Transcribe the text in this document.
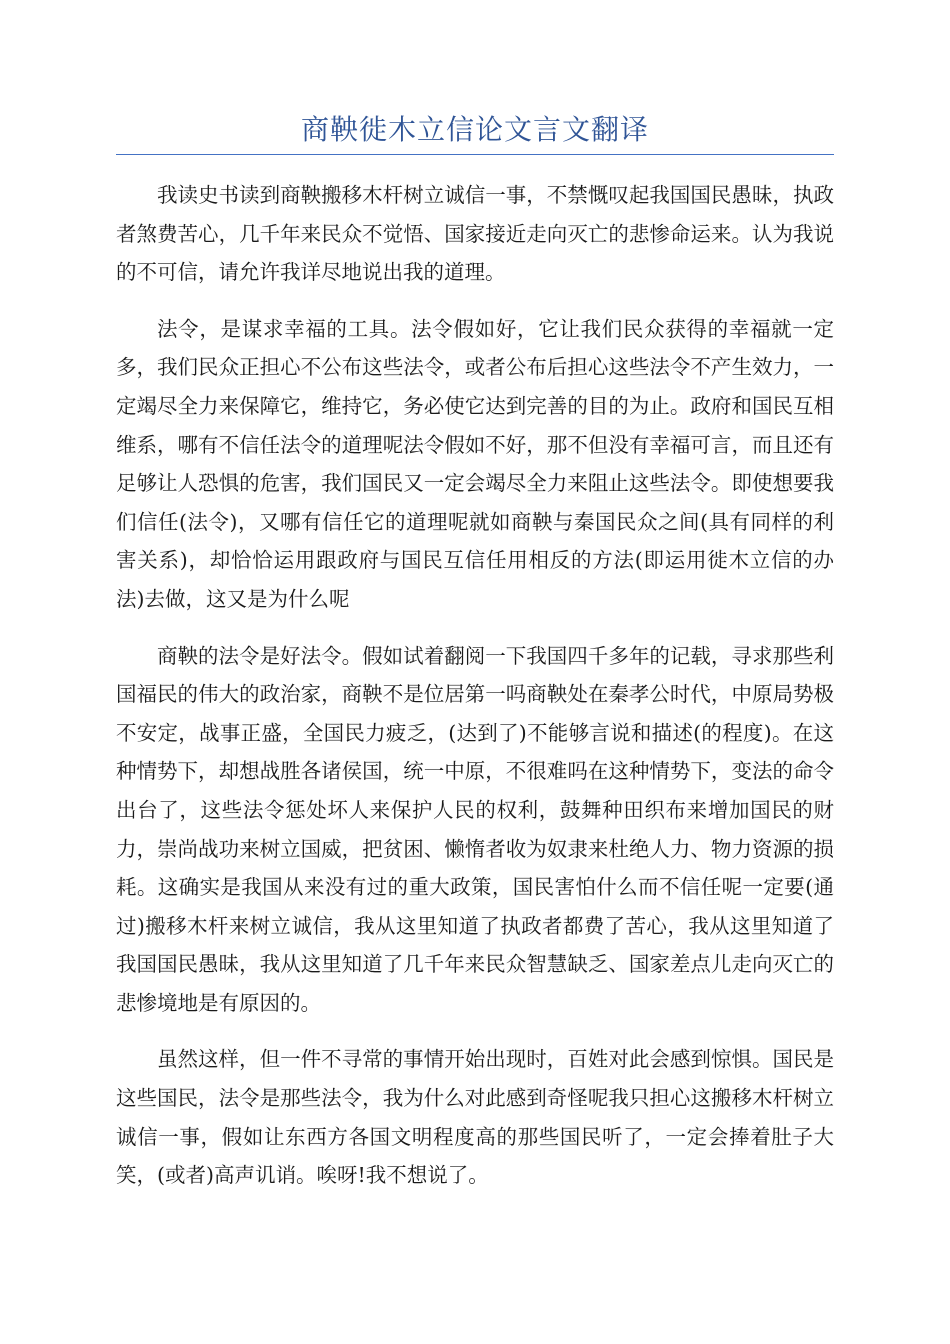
商鞅徙木立信论文言文翻译

我读史书读到商鞅搬移木杆树立诚信一事，不禁慨叹起我国国民愚昧，执政者煞费苦心，几千年来民众不觉悟、国家接近走向灭亡的悲惨命运来。认为我说的不可信，请允许我详尽地说出我的道理。

法令，是谋求幸福的工具。法令假如好，它让我们民众获得的幸福就一定多，我们民众正担心不公布这些法令，或者公布后担心这些法令不产生效力，一定竭尽全力来保障它，维持它，务必使它达到完善的目的为止。政府和国民互相维系，哪有不信任法令的道理呢法令假如不好，那不但没有幸福可言，而且还有足够让人恐惧的危害，我们国民又一定会竭尽全力来阻止这些法令。即使想要我们信任(法令)，又哪有信任它的道理呢就如商鞅与秦国民众之间(具有同样的利害关系)，却恰恰运用跟政府与国民互信任用相反的方法(即运用徙木立信的办法)去做，这又是为什么呢

商鞅的法令是好法令。假如试着翻阅一下我国四千多年的记载，寻求那些利国福民的伟大的政治家，商鞅不是位居第一吗商鞅处在秦孝公时代，中原局势极不安定，战事正盛，全国民力疲乏，(达到了)不能够言说和描述(的程度)。在这种情势下，却想战胜各诸侯国，统一中原，不很难吗在这种情势下，变法的命令出台了，这些法令惩处坏人来保护人民的权利，鼓舞种田织布来增加国民的财力，崇尚战功来树立国威，把贫困、懒惰者收为奴隶来杜绝人力、物力资源的损耗。这确实是我国从来没有过的重大政策，国民害怕什么而不信任呢一定要(通过)搬移木杆来树立诚信，我从这里知道了执政者都费了苦心，我从这里知道了我国国民愚昧，我从这里知道了几千年来民众智慧缺乏、国家差点儿走向灭亡的悲惨境地是有原因的。

虽然这样，但一件不寻常的事情开始出现时，百姓对此会感到惊惧。国民是这些国民，法令是那些法令，我为什么对此感到奇怪呢我只担心这搬移木杆树立诚信一事，假如让东西方各国文明程度高的那些国民听了，一定会捧着肚子大笑，(或者)高声讥诮。唉呀!我不想说了。
